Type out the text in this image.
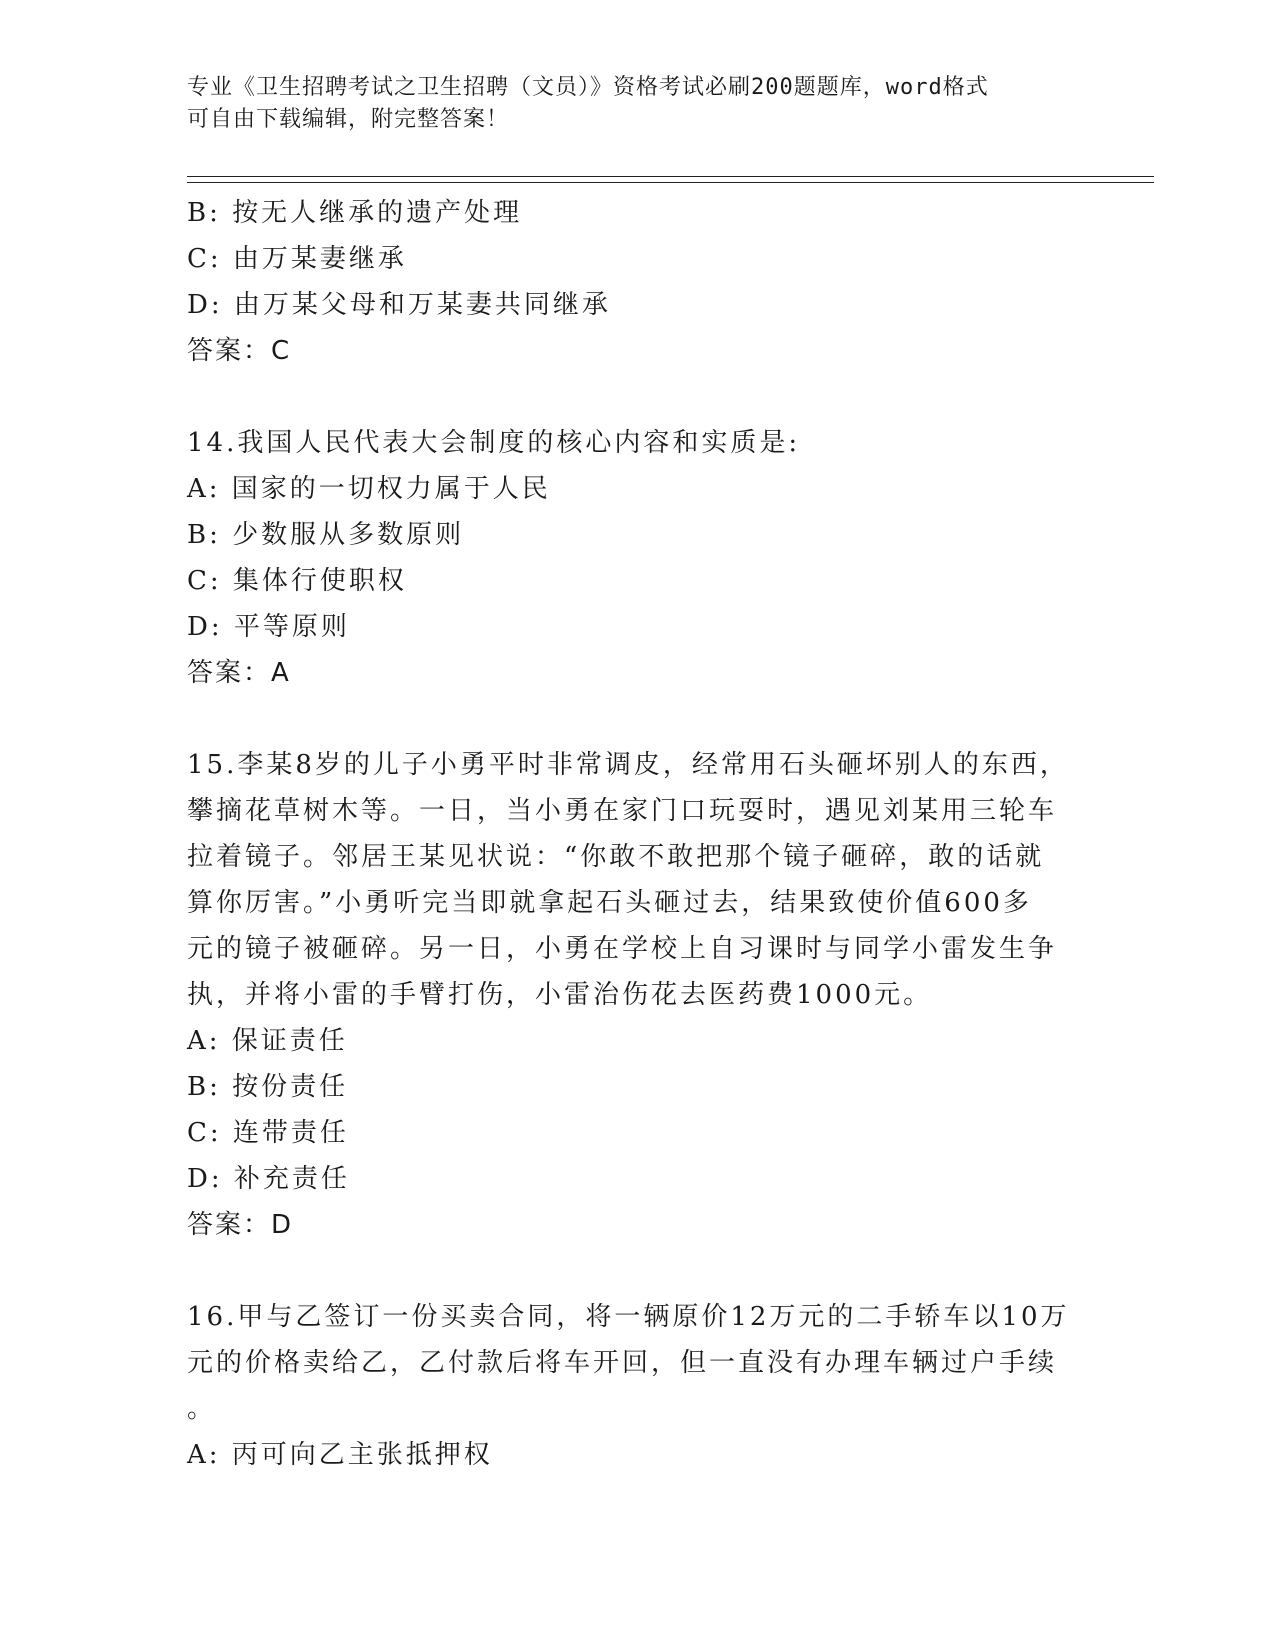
专业《卫生招聘考试之卫生招聘（文员）》资格考试必刷200题题库，word格式
可自由下载编辑，附完整答案！
B: 按无人继承的遗产处理
C: 由万某妻继承
D: 由万某父母和万某妻共同继承
答案：C
14.我国人民代表大会制度的核心内容和实质是:
A: 国家的一切权力属于人民
B: 少数服从多数原则
C: 集体行使职权
D: 平等原则
答案：A
15.李某8岁的儿子小勇平时非常调皮，经常用石头砸坏别人的东西，
攀摘花草树木等。一日，当小勇在家门口玩耍时，遇见刘某用三轮车
拉着镜子。邻居王某见状说：“你敢不敢把那个镜子砸碎，敢的话就
算你厉害。”小勇听完当即就拿起石头砸过去，结果致使价值600多
元的镜子被砸碎。另一日，小勇在学校上自习课时与同学小雷发生争
执，并将小雷的手臂打伤，小雷治伤花去医药费1000元。
A: 保证责任
B: 按份责任
C: 连带责任
D: 补充责任
答案：D
16.甲与乙签订一份买卖合同，将一辆原价12万元的二手轿车以10万
元的价格卖给乙，乙付款后将车开回，但一直没有办理车辆过户手续
。
A: 丙可向乙主张抵押权
